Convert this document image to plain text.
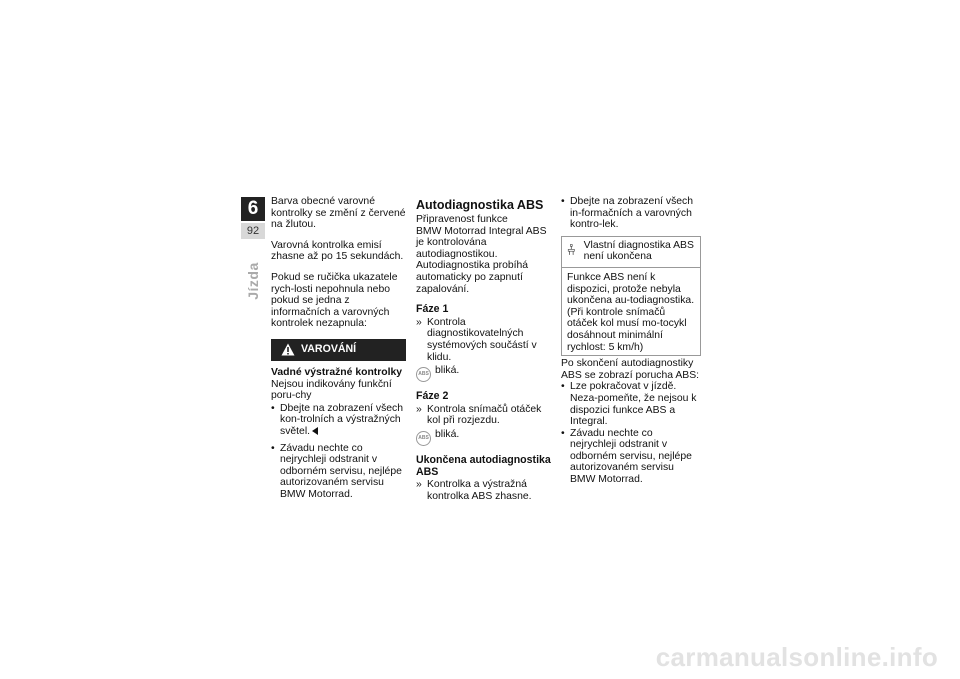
6
92
Jízda

Barva obecné varovné kontrolky se změní z červené na žlutou.

Varovná kontrolka emisí zhasne až po 15 sekundách.

Pokud se ručička ukazatele rych-losti nepohnula nebo pokud se jedna z informačních a varovných kontrolek nezapnula:

VAROVÁNÍ
Vadné výstražné kontrolky
Nejsou indikovány funkční poru-chy
• Dbejte na zobrazení všech kon-trolních a výstražných světel.
• Závadu nechte co nejrychleji odstranit v odborném servisu, nejlépe autorizovaném servisu BMW Motorrad.
Autodiagnostika ABS
Připravenost funkce
BMW Motorrad Integral ABS je kontrolována autodiagnostikou. Autodiagnostika probíhá automaticky po zapnutí zapalování.
Fáze 1
» Kontrola diagnostikovatelných systémových součástí v klidu.
ABS bliká.
Fáze 2
» Kontrola snímačů otáček kol při rozjezdu.
ABS bliká.
Ukončena autodiagnostika ABS
» Kontrolka a výstražná kontrolka ABS zhasne.
• Dbejte na zobrazení všech in-formačních a varovných kontro-lek.
Vlastní diagnostika ABS není ukončena
Funkce ABS není k dispozici, protože nebyla ukončena au-todiagnostika. (Při kontrole snímačů otáček kol musí mo-tocykl dosáhnout minimální rychlost: 5 km/h)
Po skončení autodiagnostiky ABS se zobrazí porucha ABS:
• Lze pokračovat v jízdě. Neza-pomeňte, že nejsou k dispozici funkce ABS a Integral.
• Závadu nechte co nejrychleji odstranit v odborném servisu, nejlépe autorizovaném servisu BMW Motorrad.
carmanualsonline.info
